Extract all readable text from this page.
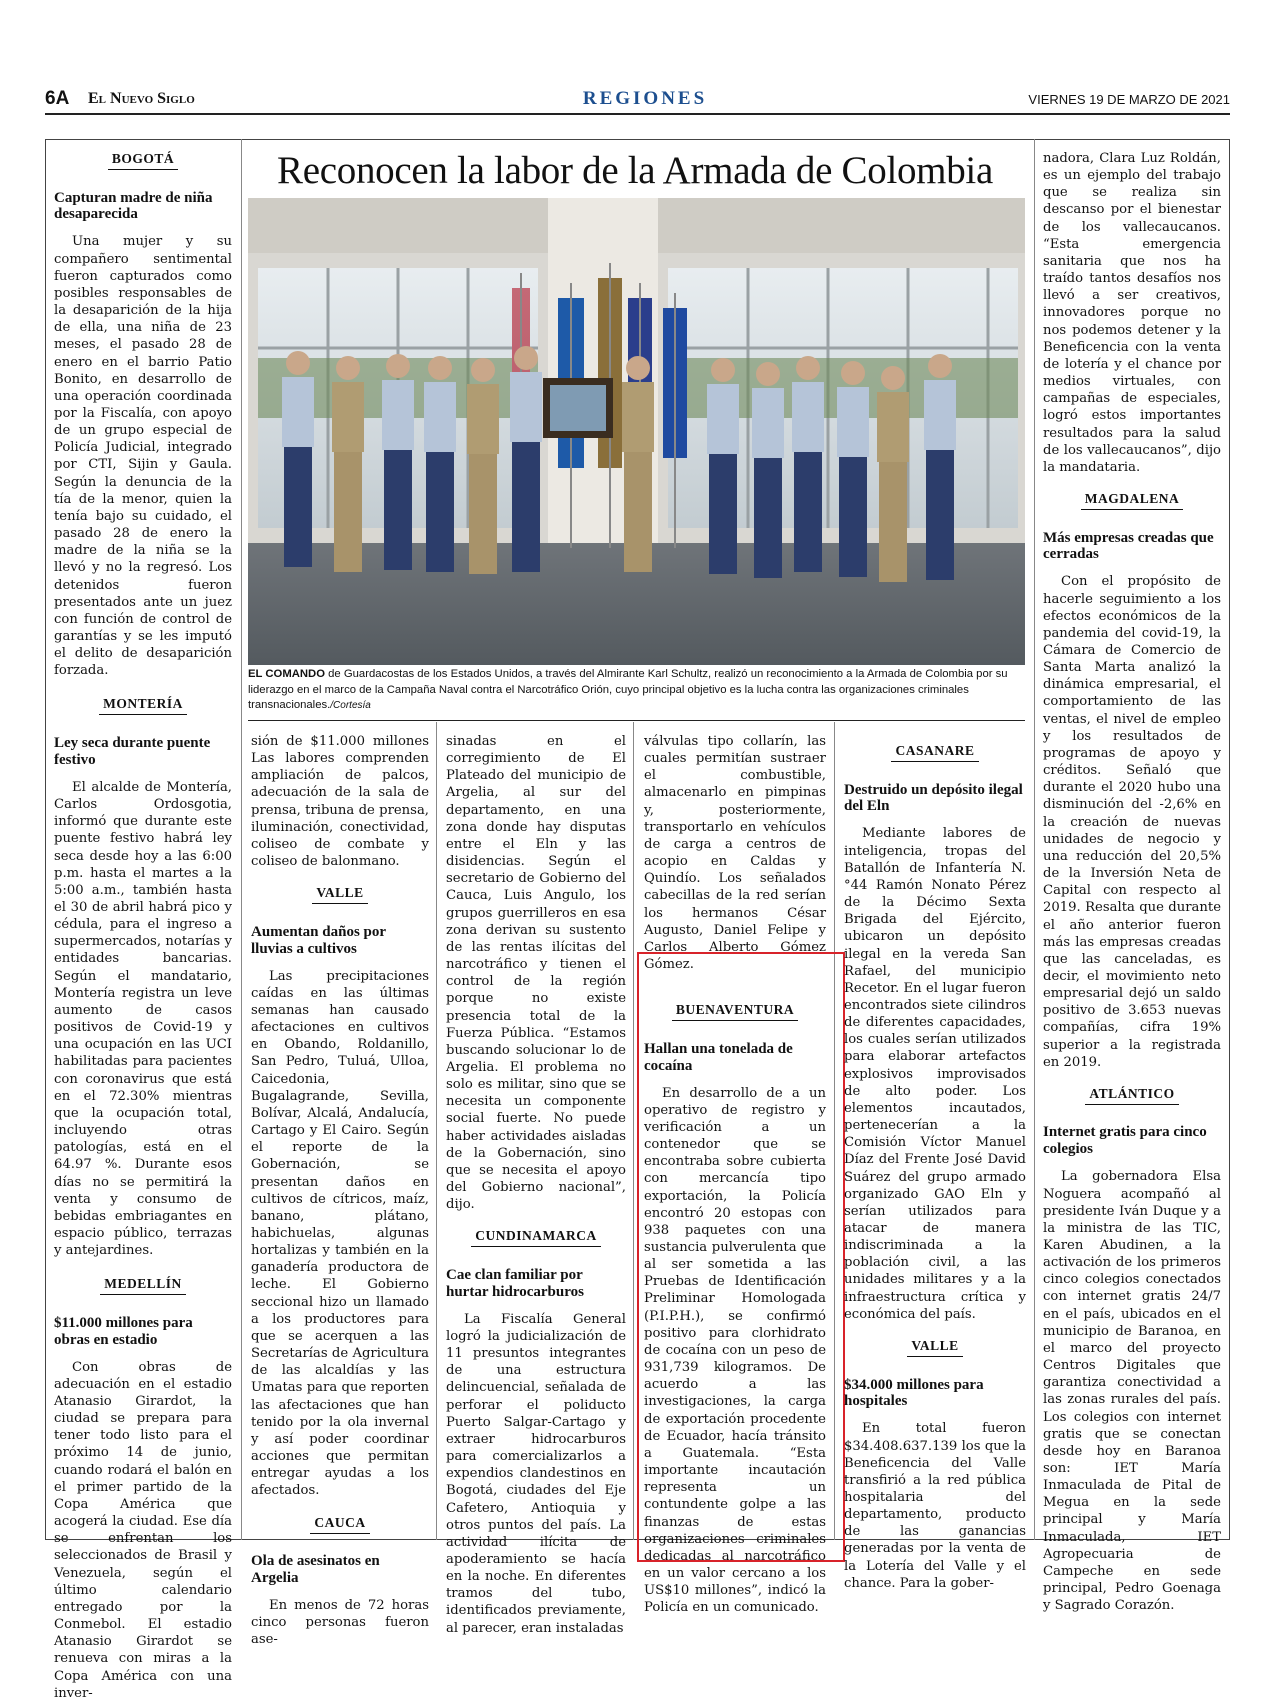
6A El Nuevo Siglo	REGIONES	VIERNES 19 DE MARZO DE 2021
Reconocen la labor de la Armada de Colombia
EL COMANDO de Guardacostas de los Estados Unidos, a través del Almirante Karl Schultz, realizó un reconocimiento a la Armada de Colombia por su liderazgo en el marco de la Campaña Naval contra el Narcotráfico Orión, cuyo principal objetivo es la lucha contra las organizaciones criminales transnacionales./Cortesía
BOGOTÁ
Capturan madre de niña desaparecida

Una mujer y su compañero sentimental fueron capturados como posibles responsables de la desaparición de la hija de ella, una niña de 23 meses, el pasado 28 de enero en el barrio Patio Bonito, en desarrollo de una operación coordinada por la Fiscalía, con apoyo de un grupo especial de Policía Judicial, integrado por CTI, Sijin y Gaula. Según la denuncia de la tía de la menor, quien la tenía bajo su cuidado, el pasado 28 de enero la madre de la niña se la llevó y no la regresó. Los detenidos fueron presentados ante un juez con función de control de garantías y se les imputó el delito de desaparición forzada.

MONTERÍA
Ley seca durante puente festivo

El alcalde de Montería, Carlos Ordosgotia, informó que durante este puente festivo habrá ley seca desde hoy a las 6:00 p.m. hasta el martes a la 5:00 a.m., también hasta el 30 de abril habrá pico y cédula, para el ingreso a supermercados, notarías y entidades bancarias. Según el mandatario, Montería registra un leve aumento de casos positivos de Covid-19 y una ocupación en las UCI habilitadas para pacientes con coronavirus que está en el 72.30% mientras que la ocupación total, incluyendo otras patologías, está en el 64.97 %. Durante esos días no se permitirá la venta y consumo de bebidas embriagantes en espacio público, terrazas y antejardines.

MEDELLÍN
$11.000 millones para obras en estadio

Con obras de adecuación en el estadio Atanasio Girardot, la ciudad se prepara para tener todo listo para el próximo 14 de junio, cuando rodará el balón en el primer partido de la Copa América que acogerá la ciudad. Ese día se enfrentan los seleccionados de Brasil y Venezuela, según el último calendario entregado por la Conmebol. El estadio Atanasio Girardot se renueva con miras a la Copa América con una inver-

sión de $11.000 millones Las labores comprenden ampliación de palcos, adecuación de la sala de prensa, tribuna de prensa, iluminación, conectividad, coliseo de combate y coliseo de balonmano.

VALLE
Aumentan daños por lluvias a cultivos

Las precipitaciones caídas en las últimas semanas han causado afectaciones en cultivos en Obando, Roldanillo, San Pedro, Tuluá, Ulloa, Caicedonia, Bugalagrande, Sevilla, Bolívar, Alcalá, Andalucía, Cartago y El Cairo. Según el reporte de la Gobernación, se presentan daños en cultivos de cítricos, maíz, banano, plátano, habichuelas, algunas hortalizas y también en la ganadería productora de leche. El Gobierno seccional hizo un llamado a los productores para que se acerquen a las Secretarías de Agricultura de las alcaldías y las Umatas para que reporten las afectaciones que han tenido por la ola invernal y así poder coordinar acciones que permitan entregar ayudas a los afectados.

CAUCA
Ola de asesinatos en Argelia

En menos de 72 horas cinco personas fueron ase-

sinadas en el corregimiento de El Plateado del municipio de Argelia, al sur del departamento, en una zona donde hay disputas entre el Eln y las disidencias. Según el secretario de Gobierno del Cauca, Luis Angulo, los grupos guerrilleros en esa zona derivan su sustento de las rentas ilícitas del narcotráfico y tienen el control de la región porque no existe presencia total de la Fuerza Pública. “Estamos buscando solucionar lo de Argelia. El problema no solo es militar, sino que se necesita un componente social fuerte. No puede haber actividades aisladas de la Gobernación, sino que se necesita el apoyo del Gobierno nacional”, dijo.

CUNDINAMARCA
Cae clan familiar por hurtar hidrocarburos

La Fiscalía General logró la judicialización de 11 presuntos integrantes de una estructura delincuencial, señalada de perforar el poliducto Puerto Salgar-Cartago y extraer hidrocarburos para comercializarlos a expendios clandestinos en Bogotá, ciudades del Eje Cafetero, Antioquia y otros puntos del país. La actividad ilícita de apoderamiento se hacía en la noche. En diferentes tramos del tubo, identificados previamente, al parecer, eran instaladas

válvulas tipo collarín, las cuales permitían sustraer el combustible, almacenarlo en pimpinas y, posteriormente, transportarlo en vehículos de carga a centros de acopio en Caldas y Quindío. Los señalados cabecillas de la red serían los hermanos César Augusto, Daniel Felipe y Carlos Alberto Gómez Gómez.

BUENAVENTURA
Hallan una tonelada de cocaína

En desarrollo de a un operativo de registro y verificación a un contenedor que se encontraba sobre cubierta con mercancía tipo exportación, la Policía encontró 20 estopas con 938 paquetes con una sustancia pulverulenta que al ser sometida a las Pruebas de Identificación Preliminar Homologada (P.I.P.H.), se confirmó positivo para clorhidrato de cocaína con un peso de 931,739 kilogramos. De acuerdo a las investigaciones, la carga de exportación procedente de Ecuador, hacía tránsito a Guatemala. “Esta importante incautación representa un contundente golpe a las finanzas de estas organizaciones criminales dedicadas al narcotráfico en un valor cercano a los US$10 millones”, indicó la Policía en un comunicado.

CASANARE
Destruido un depósito ilegal del Eln

Mediante labores de inteligencia, tropas del Batallón de Infantería N.°44 Ramón Nonato Pérez de la Décimo Sexta Brigada del Ejército, ubicaron un depósito ilegal en la vereda San Rafael, del municipio Recetor. En el lugar fueron encontrados siete cilindros de diferentes capacidades, los cuales serían utilizados para elaborar artefactos explosivos improvisados de alto poder. Los elementos incautados, pertenecerían a la Comisión Víctor Manuel Díaz del Frente José David Suárez del grupo armado organizado GAO Eln y serían utilizados para atacar de manera indiscriminada a la población civil, a las unidades militares y a la infraestructura crítica y económica del país.

VALLE
$34.000 millones para hospitales

En total fueron $34.408.637.139 los que la Beneficencia del Valle transfirió a la red pública hospitalaria del departamento, producto de las ganancias generadas por la venta de la Lotería del Valle y el chance. Para la gober-

nadora, Clara Luz Roldán, es un ejemplo del trabajo que se realiza sin descanso por el bienestar de los vallecaucanos. “Esta emergencia sanitaria que nos ha traído tantos desafíos nos llevó a ser creativos, innovadores porque no nos podemos detener y la Beneficencia con la venta de lotería y el chance por medios virtuales, con campañas de especiales, logró estos importantes resultados para la salud de los vallecaucanos”, dijo la mandataria.

MAGDALENA
Más empresas creadas que cerradas

Con el propósito de hacerle seguimiento a los efectos económicos de la pandemia del covid-19, la Cámara de Comercio de Santa Marta analizó la dinámica empresarial, el comportamiento de las ventas, el nivel de empleo y los resultados de programas de apoyo y créditos. Señaló que durante el 2020 hubo una disminución del -2,6% en la creación de nuevas unidades de negocio y una reducción del 20,5% de la Inversión Neta de Capital con respecto al 2019. Resalta que durante el año anterior fueron más las empresas creadas que las canceladas, es decir, el movimiento neto empresarial dejó un saldo positivo de 3.653 nuevas compañías, cifra 19% superior a la registrada en 2019.

ATLÁNTICO
Internet gratis para cinco colegios

La gobernadora Elsa Noguera acompañó al presidente Iván Duque y a la ministra de las TIC, Karen Abudinen, a la activación de los primeros cinco colegios conectados con internet gratis 24/7 en el país, ubicados en el municipio de Baranoa, en el marco del proyecto Centros Digitales que garantiza conectividad a las zonas rurales del país. Los colegios con internet gratis que se conectan desde hoy en Baranoa son: IET María Inmaculada de Pital de Megua en la sede principal y María Inmaculada, IET Agropecuaria de Campeche en sede principal, Pedro Goenaga y Sagrado Corazón.
